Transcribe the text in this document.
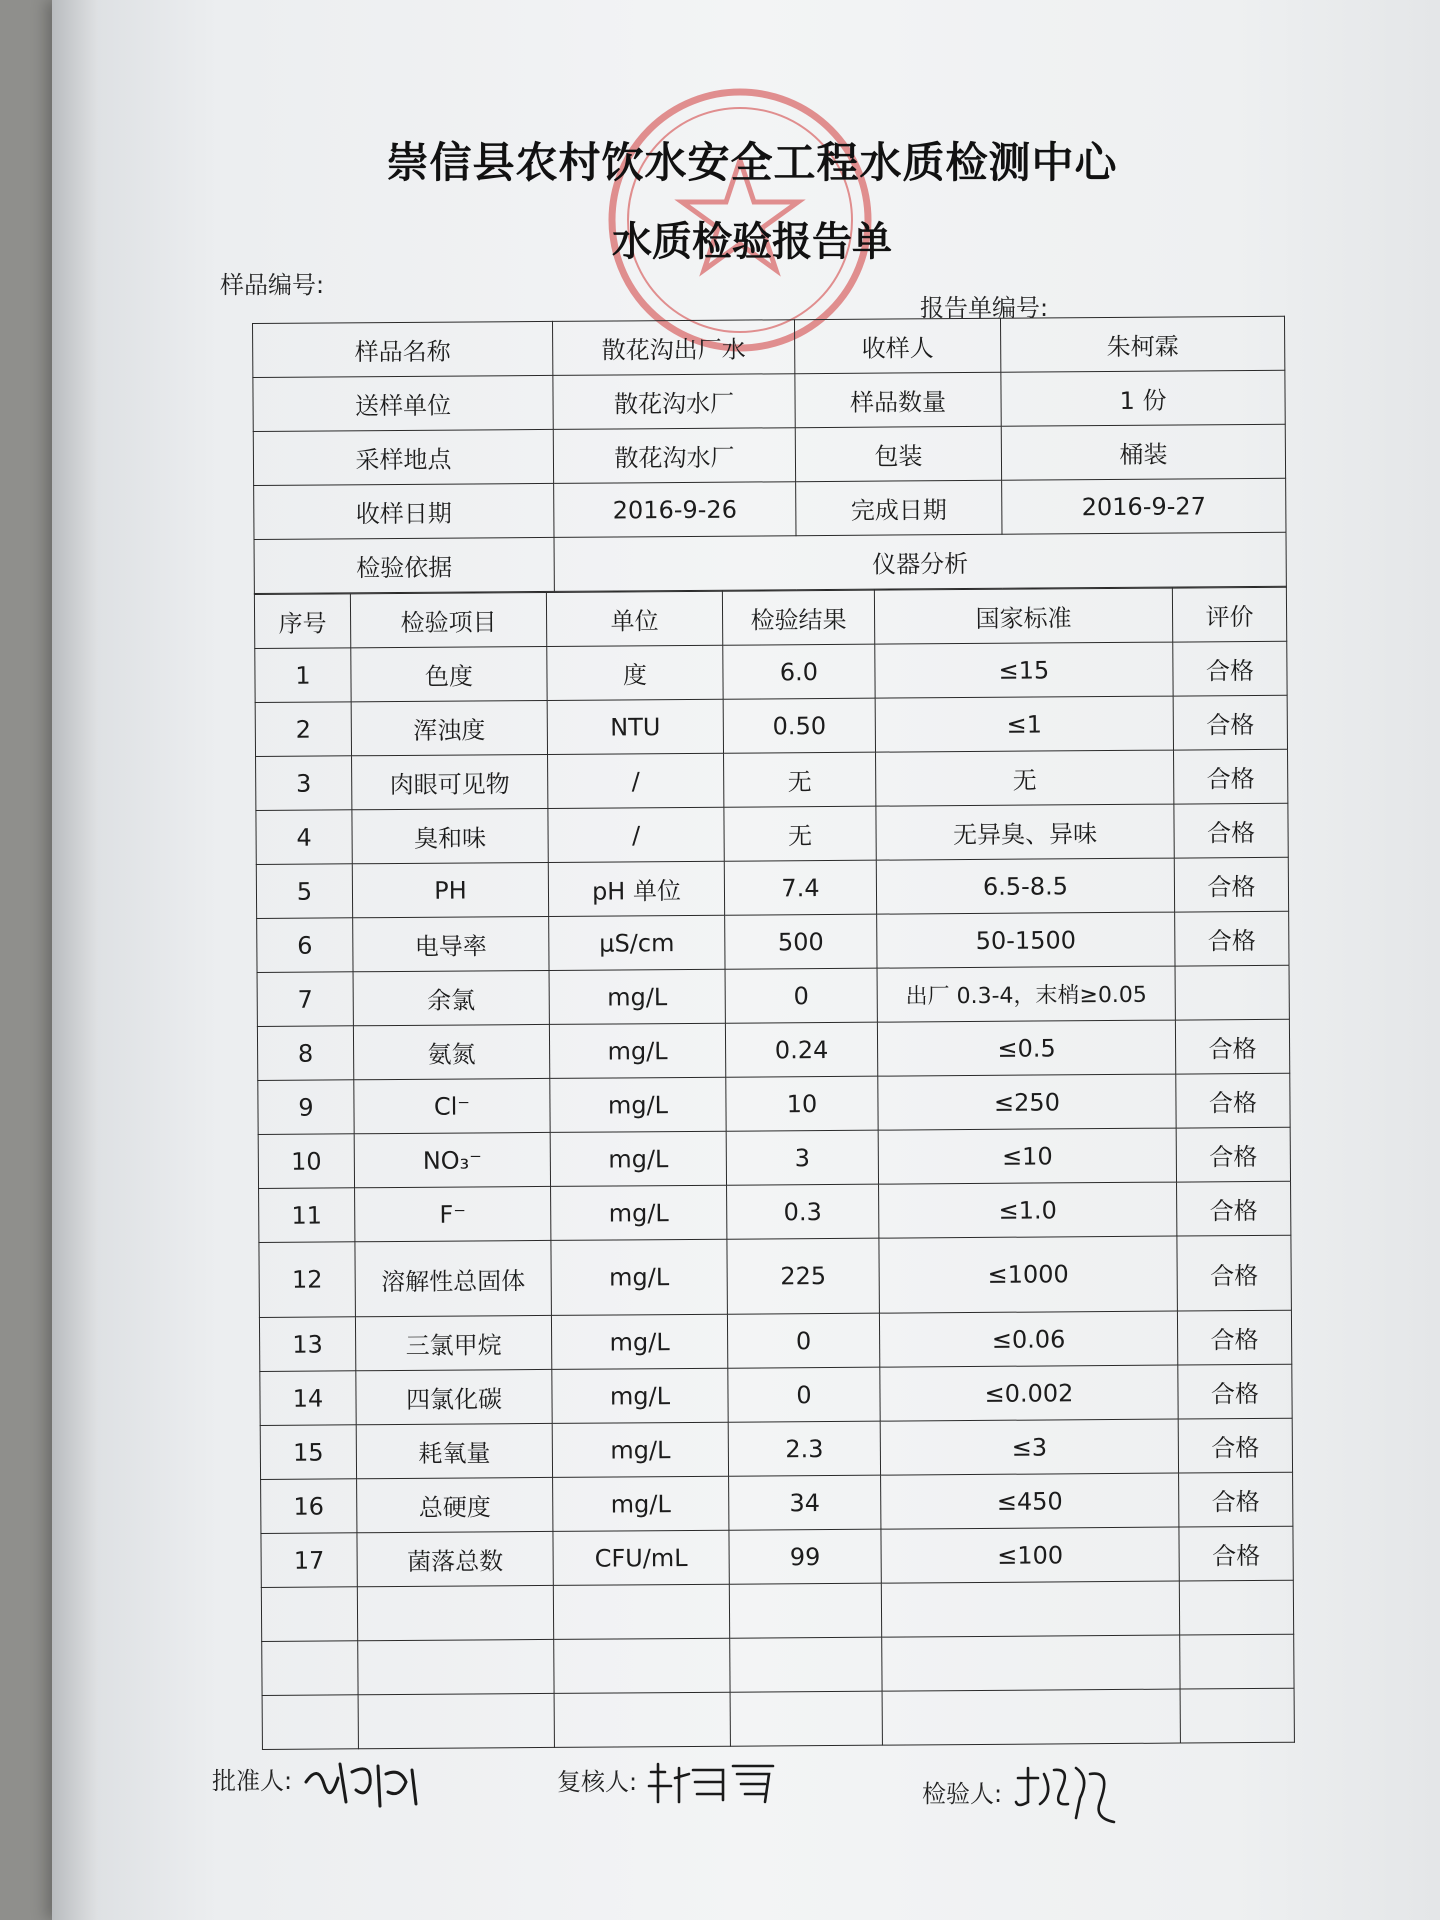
崇信县农村饮水安全工程水质检测中心
水质检验报告单
样品编号:
报告单编号:
样品名称	散花沟出厂水	收样人	朱柯霖
送样单位	散花沟水厂	样品数量	1 份
采样地点	散花沟水厂	包装	桶装
收样日期	2016-9-26	完成日期	2016-9-27
检验依据	仪器分析		
序号	检验项目	单位	检验结果	国家标准	评价
1	色度	度	6.0	≤15	合格
2	浑浊度	NTU	0.50	≤1	合格
3	肉眼可见物	/	无	无	合格
4	臭和味	/	无	无异臭、异味	合格
5	PH	pH 单位	7.4	6.5-8.5	合格
6	电导率	μS/cm	500	50-1500	合格
7	余氯	mg/L	0	出厂 0.3-4，末梢≥0.05	
8	氨氮	mg/L	0.24	≤0.5	合格
9	Cl⁻	mg/L	10	≤250	合格
10	NO₃⁻	mg/L	3	≤10	合格
11	F⁻	mg/L	0.3	≤1.0	合格
12	溶解性总固体	mg/L	225	≤1000	合格
13	三氯甲烷	mg/L	0	≤0.06	合格
14	四氯化碳	mg/L	0	≤0.002	合格
15	耗氧量	mg/L	2.3	≤3	合格
16	总硬度	mg/L	34	≤450	合格
17	菌落总数	CFU/mL	99	≤100	合格

批准人:	复核人:	检验人:
